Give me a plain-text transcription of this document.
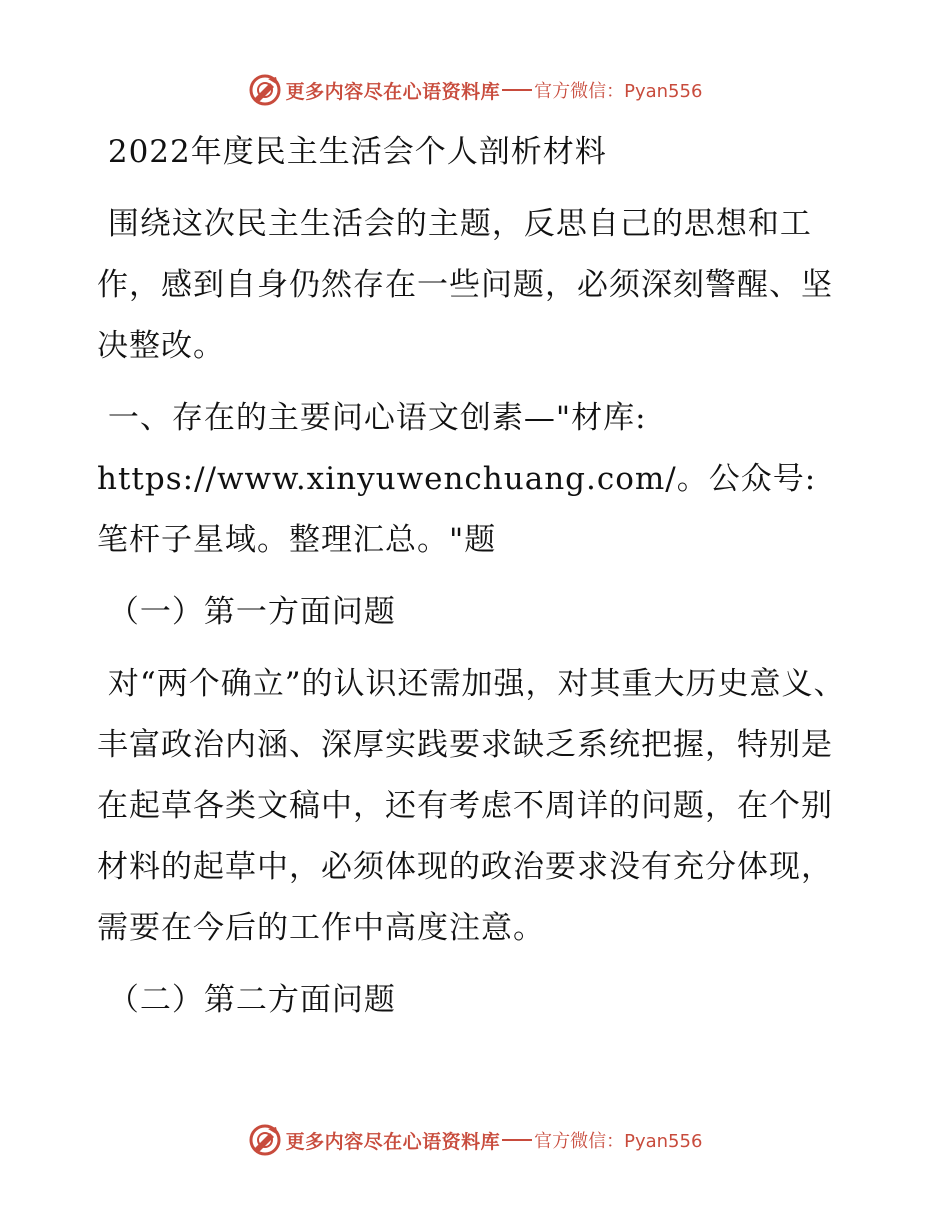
更多内容尽在心语资料库 官方微信：Pyan556

2022年度民主生活会个人剖析材料

围绕这次民主生活会的主题，反思自己的思想和工作，感到自身仍然存在一些问题，必须深刻警醒、坚决整改。

一、存在的主要问心语文创素—"材库: https://www.xinyuwenchuang.com/。公众号: 笔杆子星域。整理汇总。"题

（一）第一方面问题

对“两个确立”的认识还需加强，对其重大历史意义、丰富政治内涵、深厚实践要求缺乏系统把握，特别是在起草各类文稿中，还有考虑不周详的问题，在个别材料的起草中，必须体现的政治要求没有充分体现，需要在今后的工作中高度注意。

（二）第二方面问题

更多内容尽在心语资料库 官方微信：Pyan556
